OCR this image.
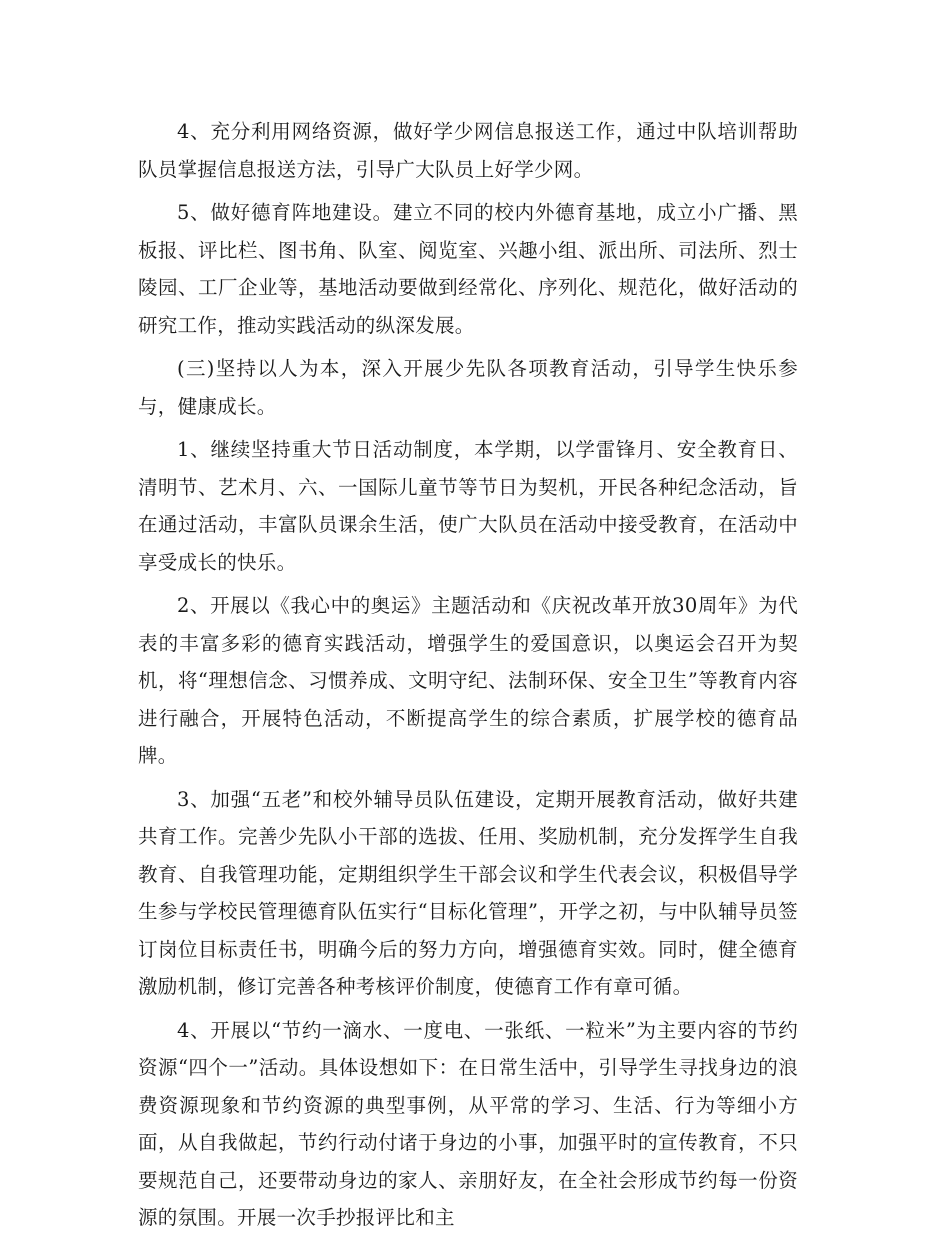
4、充分利用网络资源，做好学少网信息报送工作，通过中队培训帮助队员掌握信息报送方法，引导广大队员上好学少网。

5、做好德育阵地建设。建立不同的校内外德育基地，成立小广播、黑板报、评比栏、图书角、队室、阅览室、兴趣小组、派出所、司法所、烈士陵园、工厂企业等，基地活动要做到经常化、序列化、规范化，做好活动的研究工作，推动实践活动的纵深发展。

(三)坚持以人为本，深入开展少先队各项教育活动，引导学生快乐参与，健康成长。

1、继续坚持重大节日活动制度，本学期，以学雷锋月、安全教育日、清明节、艺术月、六、一国际儿童节等节日为契机，开民各种纪念活动，旨在通过活动，丰富队员课余生活，使广大队员在活动中接受教育，在活动中享受成长的快乐。

2、开展以《我心中的奥运》主题活动和《庆祝改革开放30周年》为代表的丰富多彩的德育实践活动，增强学生的爱国意识，以奥运会召开为契机，将“理想信念、习惯养成、文明守纪、法制环保、安全卫生”等教育内容进行融合，开展特色活动，不断提高学生的综合素质，扩展学校的德育品牌。

3、加强“五老”和校外辅导员队伍建设，定期开展教育活动，做好共建共育工作。完善少先队小干部的选拔、任用、奖励机制，充分发挥学生自我教育、自我管理功能，定期组织学生干部会议和学生代表会议，积极倡导学生参与学校民管理德育队伍实行“目标化管理”，开学之初，与中队辅导员签订岗位目标责任书，明确今后的努力方向，增强德育实效。同时，健全德育激励机制，修订完善各种考核评价制度，使德育工作有章可循。

4、开展以“节约一滴水、一度电、一张纸、一粒米”为主要内容的节约资源“四个一”活动。具体设想如下：在日常生活中，引导学生寻找身边的浪费资源现象和节约资源的典型事例，从平常的学习、生活、行为等细小方面，从自我做起，节约行动付诸于身边的小事，加强平时的宣传教育，不只要规范自己，还要带动身边的家人、亲朋好友，在全社会形成节约每一份资源的氛围。开展一次手抄报评比和主
